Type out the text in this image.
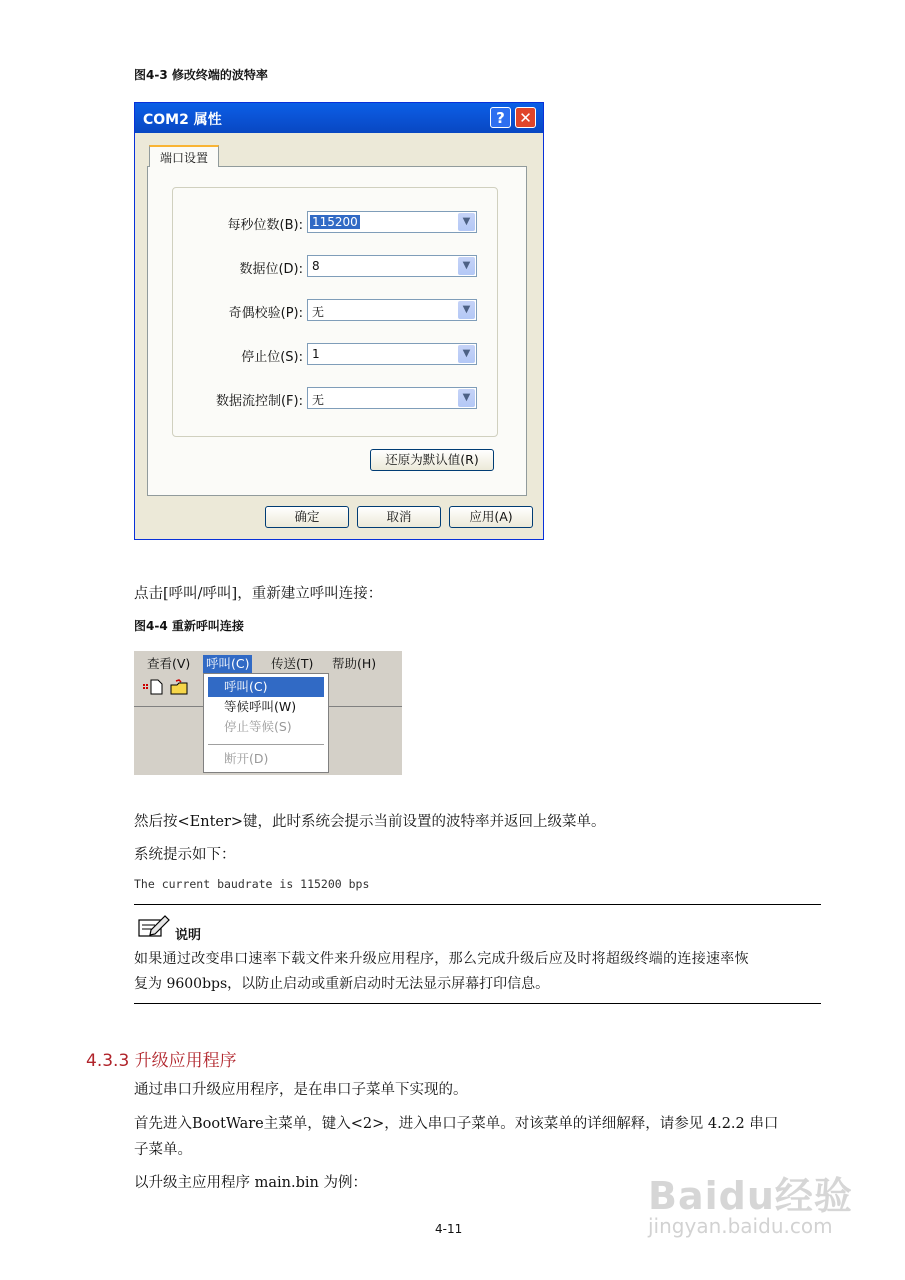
图4-3 修改终端的波特率
COM2 属性	? ✕
每秒位数(B): 115200	▼
数据位(D): 8	▼
奇偶校验(P): 无	▼
停止位(S): 1	▼
数据流控制(F): 无	▼
还原为默认值(R)
端口设置
确定	取消	应用(A)
点击[呼叫/呼叫]，重新建立呼叫连接：
图4-4 重新呼叫连接
查看(V) 呼叫(C) 传送(T) 帮助(H)
呼叫(C)
等候呼叫(W)
停止等候(S)
断开(D)
然后按<Enter>键，此时系统会提示当前设置的波特率并返回上级菜单。
系统提示如下：
The current baudrate is 115200 bps
说明
如果通过改变串口速率下载文件来升级应用程序，那么完成升级后应及时将超级终端的连接速率恢
复为 9600bps，以防止启动或重新启动时无法显示屏幕打印信息。
4.3.3 升级应用程序
通过串口升级应用程序，是在串口子菜单下实现的。
首先进入BootWare主菜单，键入<2>，进入串口子菜单。对该菜单的详细解释，请参见 4.2.2 串口
子菜单。
以升级主应用程序 main.bin 为例：
4-11
Baidu经验
jingyan.baidu.com
